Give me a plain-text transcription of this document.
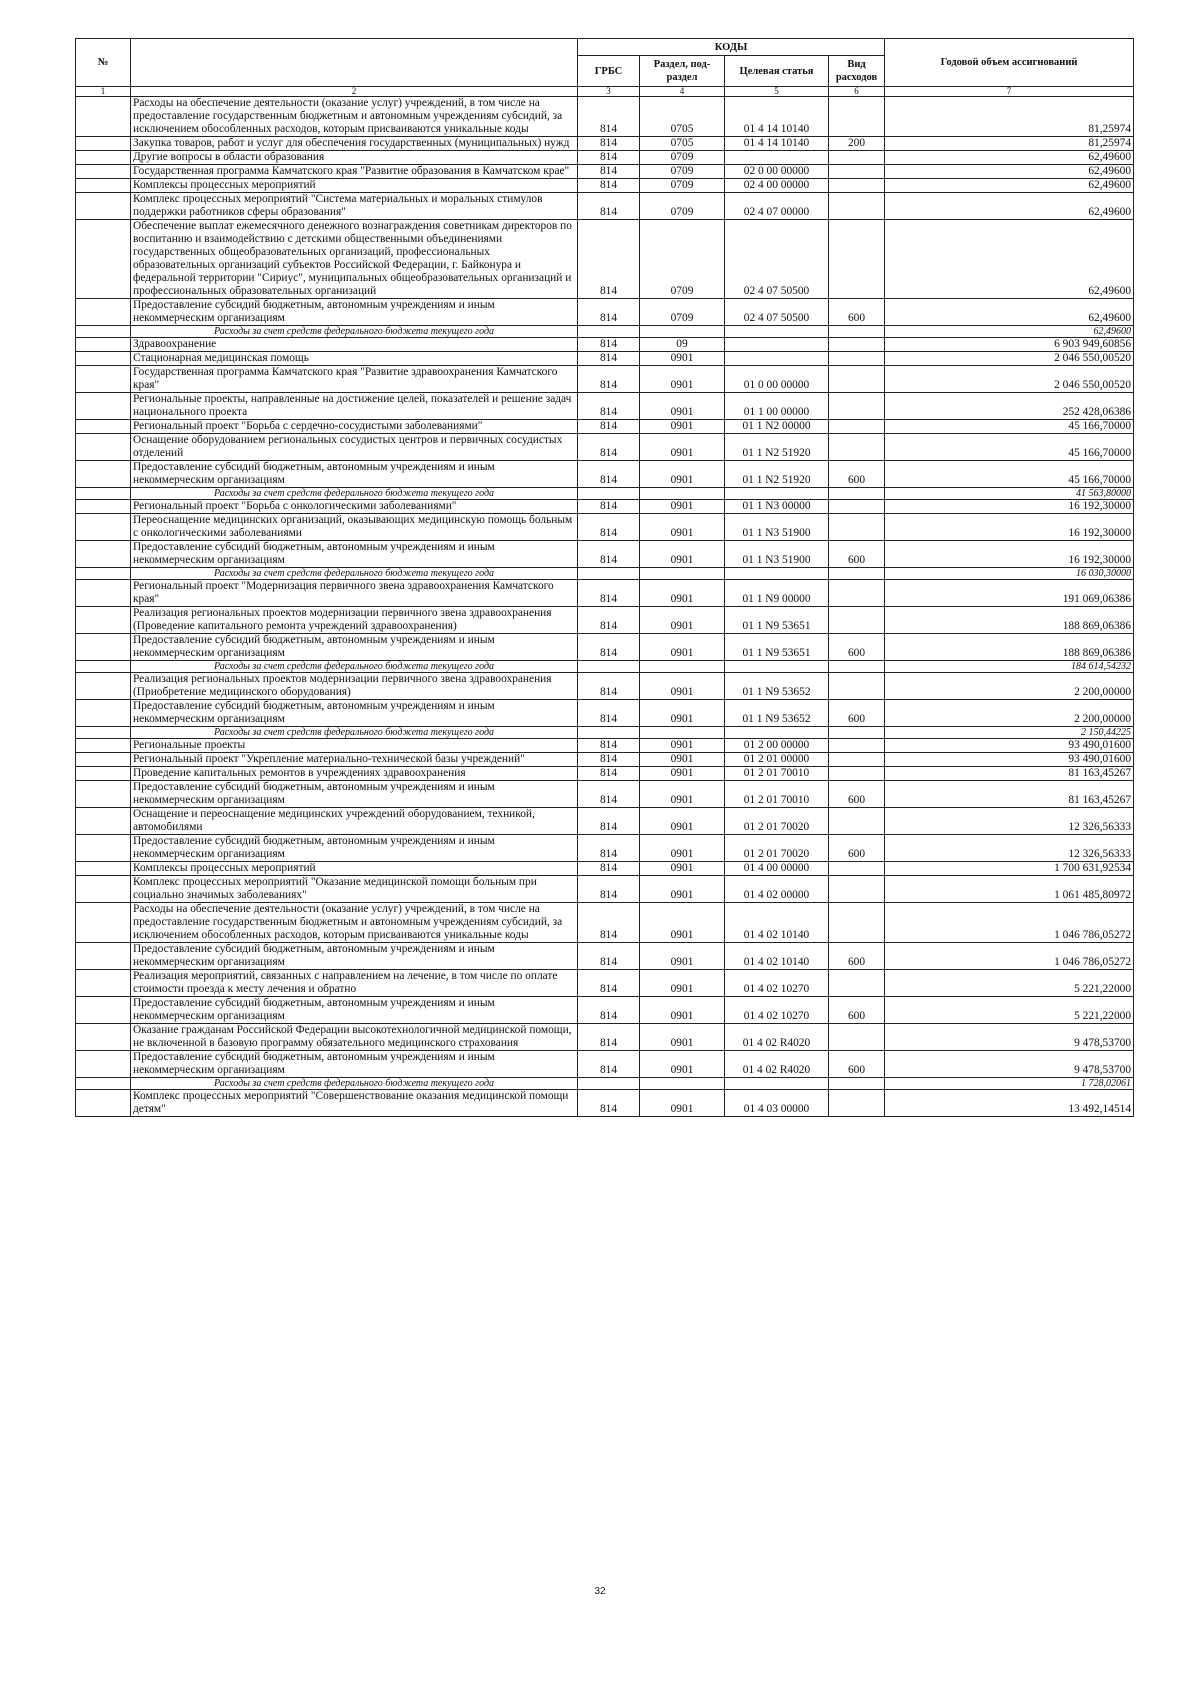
№		КОДЫ				Годовой объем ассигнований
		ГРБС	Раздел, под-раздел	Целевая статья	Вид расходов	
1	2	3	4	5	6	7
	Расходы на обеспечение деятельности (оказание услуг) учреждений, в том числе на предоставление государственным бюджетным и автономным учреждениям субсидий, за исключением обособленных расходов, которым присваиваются уникальные коды	814	0705	01 4 14 10140		81,25974
	Закупка товаров, работ и услуг для обеспечения государственных (муниципальных) нужд	814	0705	01 4 14 10140	200	81,25974
	Другие вопросы в области образования	814	0709			62,49600
	Государственная программа Камчатского края "Развитие образования в Камчатском крае"	814	0709	02 0 00 00000		62,49600
	Комплексы процессных мероприятий	814	0709	02 4 00 00000		62,49600
	Комплекс процессных мероприятий "Система материальных и моральных стимулов поддержки работников сферы образования"	814	0709	02 4 07 00000		62,49600
	Обеспечение выплат ежемесячного денежного вознаграждения советникам директоров по воспитанию и взаимодействию с детскими общественными объединениями государственных общеобразовательных организаций, профессиональных образовательных организаций субъектов Российской Федерации, г. Байконура и федеральной территории "Сириус", муниципальных общеобразовательных организаций и профессиональных образовательных организаций	814	0709	02 4 07 50500		62,49600
	Предоставление субсидий бюджетным, автономным учреждениям и иным некоммерческим организациям	814	0709	02 4 07 50500	600	62,49600
	Расходы за счет средств федерального бюджета текущего года					62,49600
	Здравоохранение	814	09			6 903 949,60856
	Стационарная медицинская помощь	814	0901			2 046 550,00520
	Государственная программа Камчатского края "Развитие здравоохранения Камчатского края"	814	0901	01 0 00 00000		2 046 550,00520
	Региональные проекты, направленные на достижение целей, показателей и решение задач национального проекта	814	0901	01 1 00 00000		252 428,06386
	Региональный проект "Борьба с сердечно-сосудистыми заболеваниями"	814	0901	01 1 N2 00000		45 166,70000
	Оснащение оборудованием региональных сосудистых центров и первичных сосудистых отделений	814	0901	01 1 N2 51920		45 166,70000
	Предоставление субсидий бюджетным, автономным учреждениям и иным некоммерческим организациям	814	0901	01 1 N2 51920	600	45 166,70000
	Расходы за счет средств федерального бюджета текущего года					41 563,80000
	Региональный проект "Борьба с онкологическими заболеваниями"	814	0901	01 1 N3 00000		16 192,30000
	Переоснащение медицинских организаций, оказывающих медицинскую помощь больным с онкологическими заболеваниями	814	0901	01 1 N3 51900		16 192,30000
	Предоставление субсидий бюджетным, автономным учреждениям и иным некоммерческим организациям	814	0901	01 1 N3 51900	600	16 192,30000
	Расходы за счет средств федерального бюджета текущего года					16 030,30000
	Региональный проект "Модернизация первичного звена здравоохранения Камчатского края"	814	0901	01 1 N9 00000		191 069,06386
	Реализация региональных проектов модернизации первичного звена здравоохранения (Проведение капитального ремонта учреждений здравоохранения)	814	0901	01 1 N9 53651		188 869,06386
	Предоставление субсидий бюджетным, автономным учреждениям и иным некоммерческим организациям	814	0901	01 1 N9 53651	600	188 869,06386
	Расходы за счет средств федерального бюджета текущего года					184 614,54232
	Реализация региональных проектов модернизации первичного звена здравоохранения (Приобретение медицинского оборудования)	814	0901	01 1 N9 53652		2 200,00000
	Предоставление субсидий бюджетным, автономным учреждениям и иным некоммерческим организациям	814	0901	01 1 N9 53652	600	2 200,00000
	Расходы за счет средств федерального бюджета текущего года					2 150,44225
	Региональные проекты	814	0901	01 2 00 00000		93 490,01600
	Региональный проект "Укрепление материально-технической базы учреждений"	814	0901	01 2 01 00000		93 490,01600
	Проведение капитальных ремонтов в учреждениях здравоохранения	814	0901	01 2 01 70010		81 163,45267
	Предоставление субсидий бюджетным, автономным учреждениям и иным некоммерческим организациям	814	0901	01 2 01 70010	600	81 163,45267
	Оснащение и переоснащение медицинских учреждений оборудованием, техникой, автомобилями	814	0901	01 2 01 70020		12 326,56333
	Предоставление субсидий бюджетным, автономным учреждениям и иным некоммерческим организациям	814	0901	01 2 01 70020	600	12 326,56333
	Комплексы процессных мероприятий	814	0901	01 4 00 00000		1 700 631,92534
	Комплекс процессных мероприятий "Оказание медицинской помощи больным при социально значимых заболеваниях"	814	0901	01 4 02 00000		1 061 485,80972
	Расходы на обеспечение деятельности (оказание услуг) учреждений, в том числе на предоставление государственным бюджетным и автономным учреждениям субсидий, за исключением обособленных расходов, которым присваиваются уникальные коды	814	0901	01 4 02 10140		1 046 786,05272
	Предоставление субсидий бюджетным, автономным учреждениям и иным некоммерческим организациям	814	0901	01 4 02 10140	600	1 046 786,05272
	Реализация мероприятий, связанных с направлением на лечение, в том числе по оплате стоимости проезда к месту лечения и обратно	814	0901	01 4 02 10270		5 221,22000
	Предоставление субсидий бюджетным, автономным учреждениям и иным некоммерческим организациям	814	0901	01 4 02 10270	600	5 221,22000
	Оказание гражданам Российской Федерации высокотехнологичной медицинской помощи, не включенной в базовую программу обязательного медицинского страхования	814	0901	01 4 02 R4020		9 478,53700
	Предоставление субсидий бюджетным, автономным учреждениям и иным некоммерческим организациям	814	0901	01 4 02 R4020	600	9 478,53700
	Расходы за счет средств федерального бюджета текущего года					1 728,02061
	Комплекс процессных мероприятий "Совершенствование оказания медицинской помощи детям"	814	0901	01 4 03 00000		13 492,14514
32
